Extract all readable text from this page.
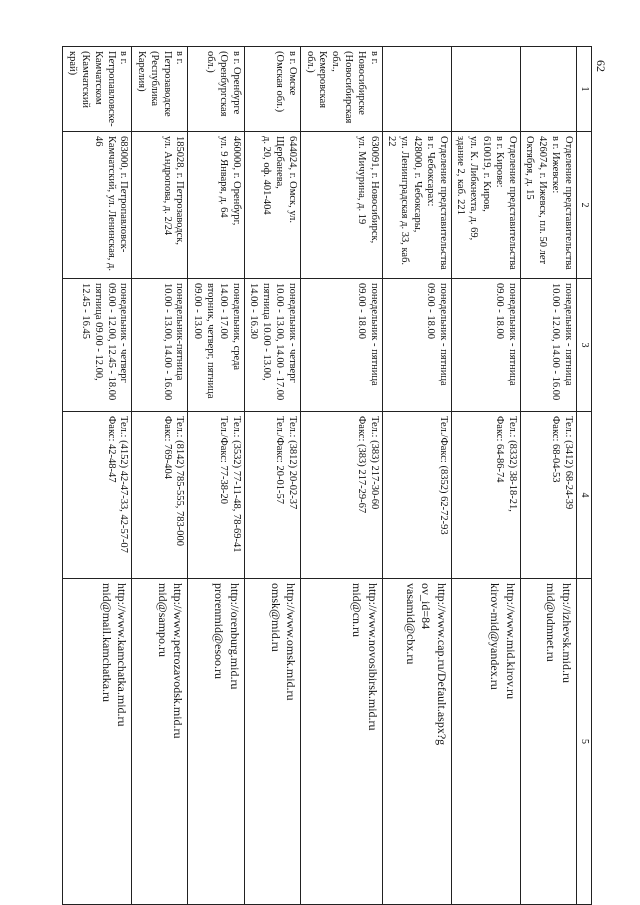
62
1	2	3	4	5
	Отделение представительства
в г. Ижевске:
426074, г. Ижевск, пл. 50 лет
Октября, д. 15	понедельник - пятница
10.00 - 12.00, 14.00 - 16.00	Тел.: (3412) 68-24-39
Факс: 68-04-53	http://izhevsk.mid.ru
mid@udmnet.ru
	Отделение представительства
в г. Кирове:
610019, г. Киров,
ул. К. Либкнехта, д. 69,
здание 2, каб. 221	понедельник - пятница
09.00 - 18.00	Тел.: (8332) 38-18-21,
Факс: 64-86-74	http://www.mid.kirov.ru
kirov-mid@yandex.ru
	Отделение представительства
в г. Чебоксарах:
428000, г. Чебоксары,
ул. Ленинградская д. 33, каб. 22	понедельник - пятница
09.00 - 18.00	Тел./Факс: (8352) 62-72-93	http://www.cap.ru/Default.aspx?g
ov_id=84
vasamid@cbx.ru
в г. Новосибирске
(Новосибирская обл.,
Кемеровская обл.)	630091, г. Новосибирск,
ул. Мичурина, д. 19	понедельник - пятница
09.00 - 18.00	Тел.: (383) 217-30-60
Факс: (383) 217-29-67	http://www.novosibirsk.mid.ru
mid@cn.ru
в г. Омске
(Омская обл.)	644024, г. Омск, ул. Щербанева,
д. 20, оф. 401-404	понедельник - четверг
10.00 - 13.00, 14.00 - 17.00
пятница 10.00 - 13.00,
14.00 - 16.30	Тел.: (3812) 20-02-37
Тел./Факс: 20-01-57	http://www.omsk.mid.ru
omsk@mid.ru
в г. Оренбурге
(Оренбургская обл.)	460000, г. Оренбург,
ул. 9 Января, д. 64	понедельник, среда
14.00 - 17.00
вторник, четверг, пятница
09.00 - 13.00	Тел.: (3532) 77-11-48, 78-69-41
Тел./Факс: 77-38-20	http://orenburg.mid.ru
prorenmid@esoo.ru
в г. Петрозаводске
(Республика Карелия)	185028, г. Петрозаводск,
ул. Андропова, д. 2/24	понедельник-пятница
10.00 - 13.00, 14.00 - 16.00	Тел.: (8142) 785-555, 783-000
Факс: 769-404	http://www.petrozavodsk.mid.ru
mid@sampo.ru
в г. Петропавловске-
Камчатском
(Камчатский край)	683000, г. Петропавловск-
Камчатский, ул. Ленинская, д. 46	понедельник - четверг
09.00 - 12.00, 12.45 - 18.00
пятница 09.00 - 12.00,
12.45 - 16.45	Тел.: (4152) 42-47-33, 42-57-07
Факс: 42-48-47	http://www.kamchatka.mid.ru
mid@mail.kamchatka.ru
